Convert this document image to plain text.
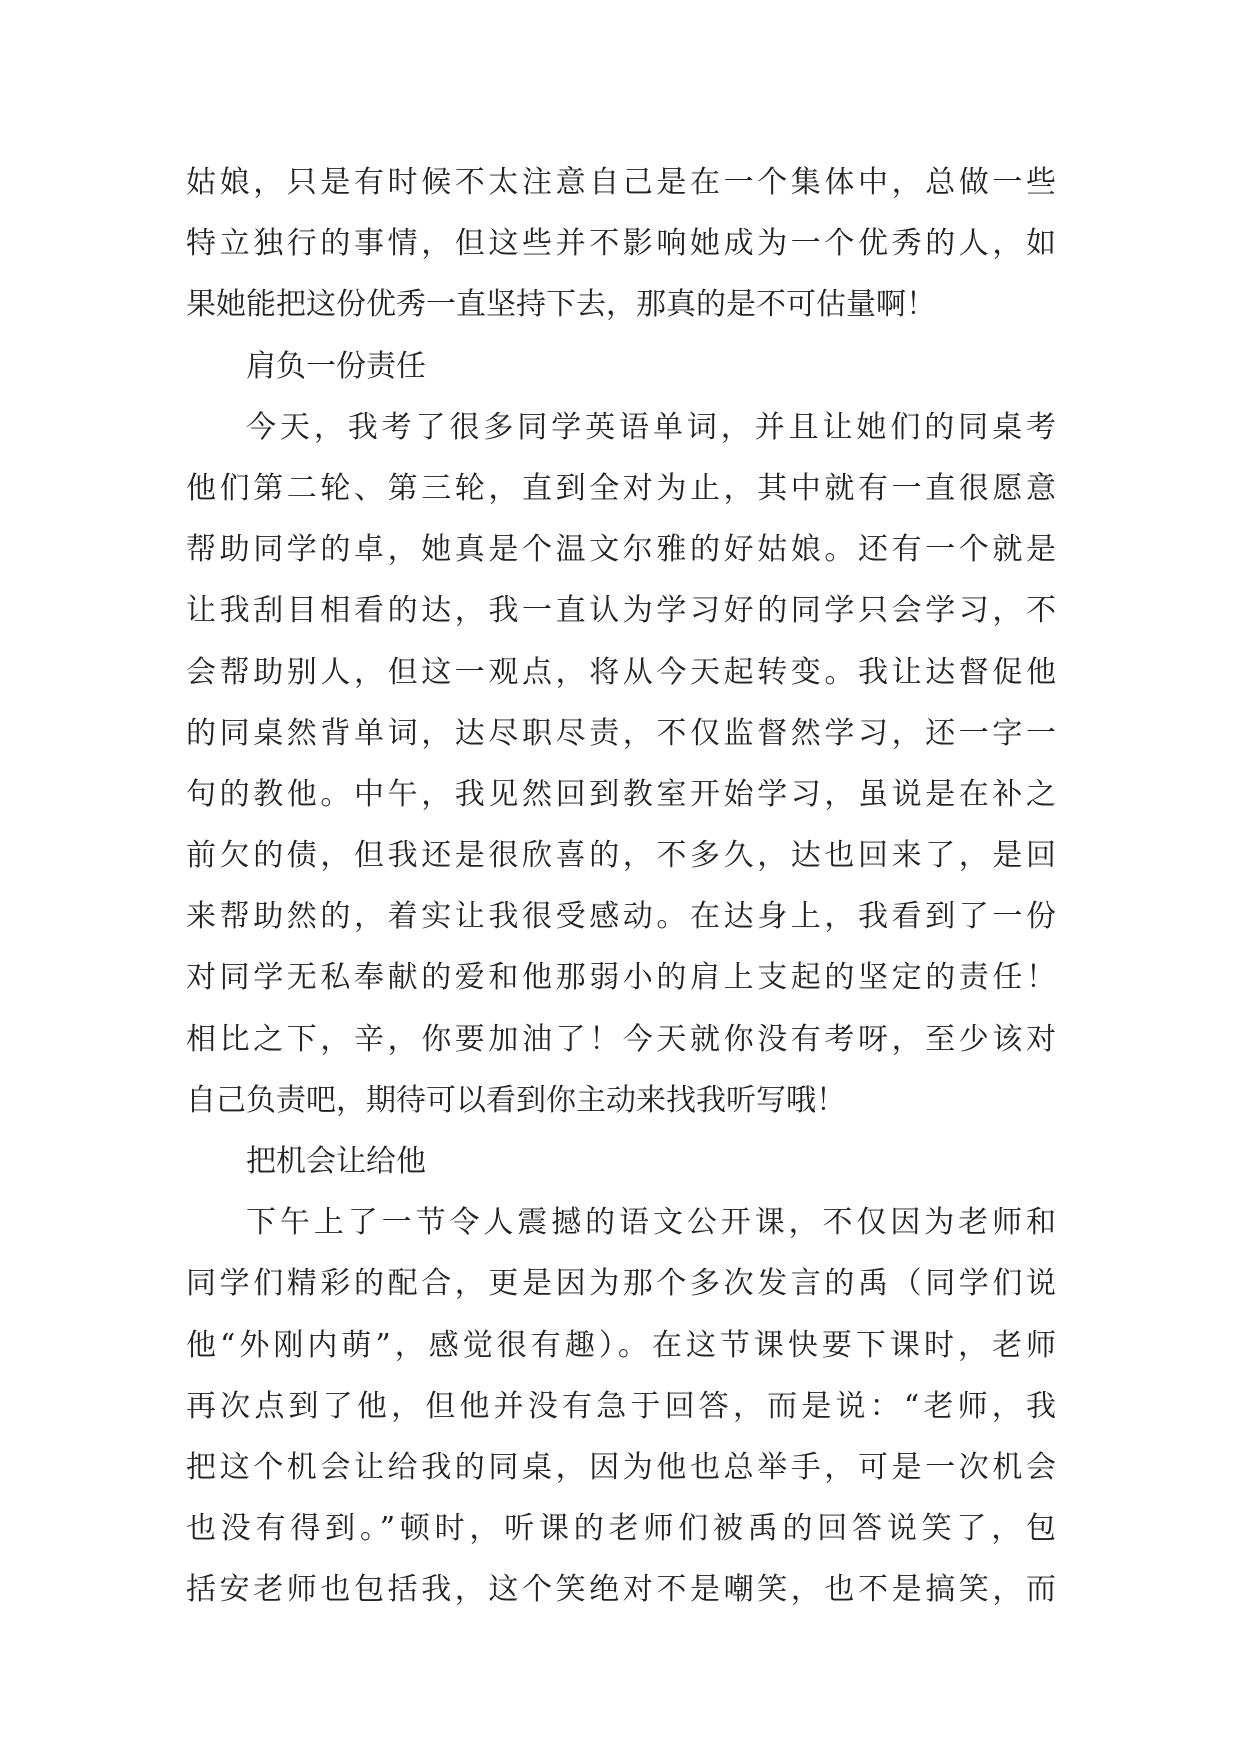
姑娘，只是有时候不太注意自己是在一个集体中，总做一些
特立独行的事情，但这些并不影响她成为一个优秀的人，如
果她能把这份优秀一直坚持下去，那真的是不可估量啊！
肩负一份责任
今天，我考了很多同学英语单词，并且让她们的同桌考
他们第二轮、第三轮，直到全对为止，其中就有一直很愿意
帮助同学的卓，她真是个温文尔雅的好姑娘。还有一个就是
让我刮目相看的达，我一直认为学习好的同学只会学习，不
会帮助别人，但这一观点，将从今天起转变。我让达督促他
的同桌然背单词，达尽职尽责，不仅监督然学习，还一字一
句的教他。中午，我见然回到教室开始学习，虽说是在补之
前欠的债，但我还是很欣喜的，不多久，达也回来了，是回
来帮助然的，着实让我很受感动。在达身上，我看到了一份
对同学无私奉献的爱和他那弱小的肩上支起的坚定的责任！
相比之下，辛，你要加油了！今天就你没有考呀，至少该对
自己负责吧，期待可以看到你主动来找我听写哦！
把机会让给他
下午上了一节令人震撼的语文公开课，不仅因为老师和
同学们精彩的配合，更是因为那个多次发言的禹（同学们说
他“外刚内萌”，感觉很有趣）。在这节课快要下课时，老师
再次点到了他，但他并没有急于回答，而是说：“老师，我
把这个机会让给我的同桌，因为他也总举手，可是一次机会
也没有得到。”顿时，听课的老师们被禹的回答说笑了，包
括安老师也包括我，这个笑绝对不是嘲笑，也不是搞笑，而
